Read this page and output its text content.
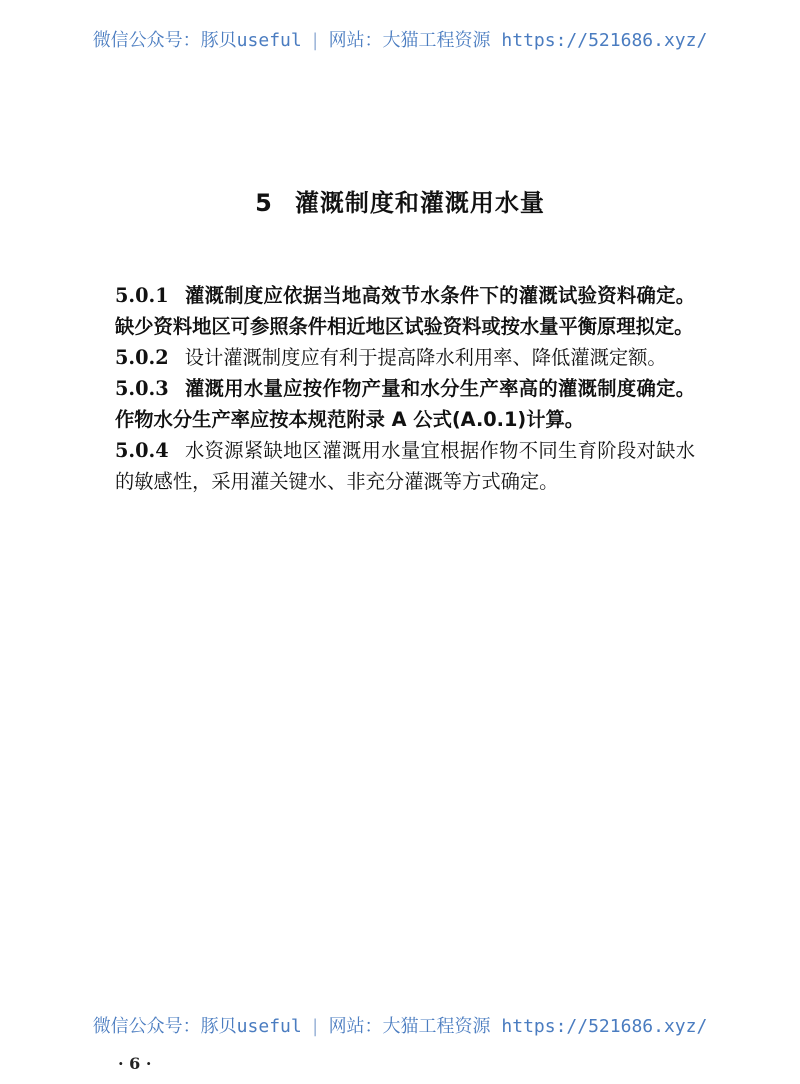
微信公众号：豚贝useful | 网站：大猫工程资源 https://521686.xyz/
5 灌溉制度和灌溉用水量

5.0.1 灌溉制度应依据当地高效节水条件下的灌溉试验资料确定。缺少资料地区可参照条件相近地区试验资料或按水量平衡原理拟定。

5.0.2 设计灌溉制度应有利于提高降水利用率、降低灌溉定额。

5.0.3 灌溉用水量应按作物产量和水分生产率高的灌溉制度确定。作物水分生产率应按本规范附录 A 公式(A.0.1)计算。

5.0.4 水资源紧缺地区灌溉用水量宜根据作物不同生育阶段对缺水的敏感性，采用灌关键水、非充分灌溉等方式确定。

微信公众号：豚贝useful | 网站：大猫工程资源 https://521686.xyz/
· 6 ·
